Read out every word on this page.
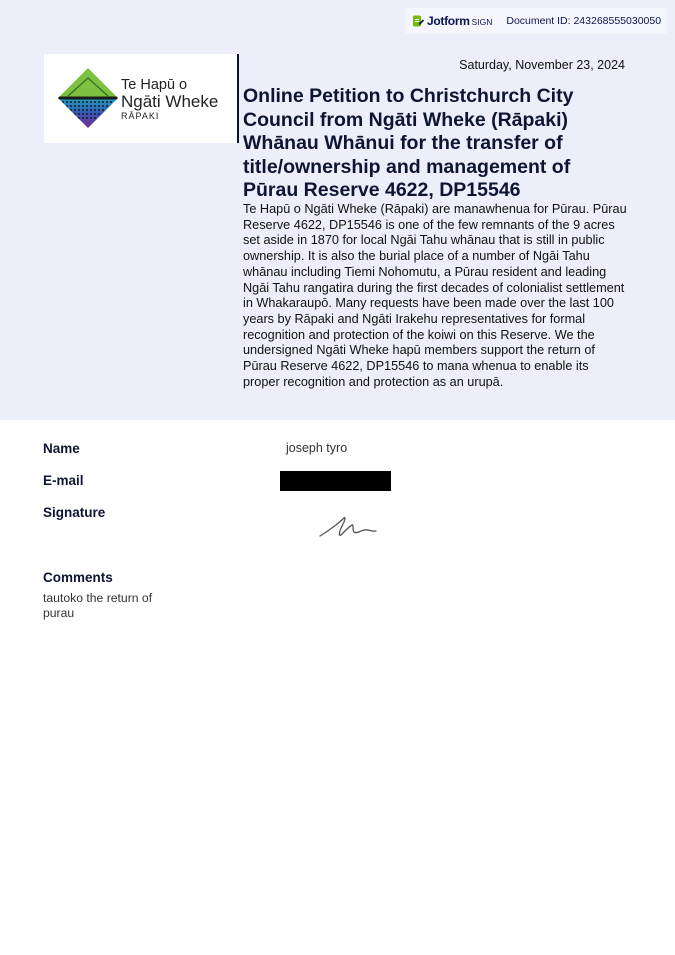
Jotform SIGN Document ID: 243268555030050
Te Hapū o
Ngāti Wheke
RĀPAKI
Saturday, November 23, 2024
Online Petition to Christchurch City Council from Ngāti Wheke (Rāpaki) Whānau Whānui for the transfer of title/ownership and management of Pūrau Reserve 4622, DP15546

Te Hapū o Ngāti Wheke (Rāpaki) are manawhenua for Pūrau. Pūrau Reserve 4622, DP15546 is one of the few remnants of the 9 acres set aside in 1870 for local Ngāi Tahu whānau that is still in public ownership. It is also the burial place of a number of Ngāi Tahu whānau including Tiemi Nohomutu, a Pūrau resident and leading Ngāi Tahu rangatira during the first decades of colonialist settlement in Whakaraupō. Many requests have been made over the last 100 years by Rāpaki and Ngāti Irakehu representatives for formal recognition and protection of the koiwi on this Reserve. We the undersigned Ngāti Wheke hapū members support the return of Pūrau Reserve 4622, DP15546 to mana whenua to enable its proper recognition and protection as an urupā.

Name	joseph tyro
E-mail
Signature
Comments
tautoko the return of purau
